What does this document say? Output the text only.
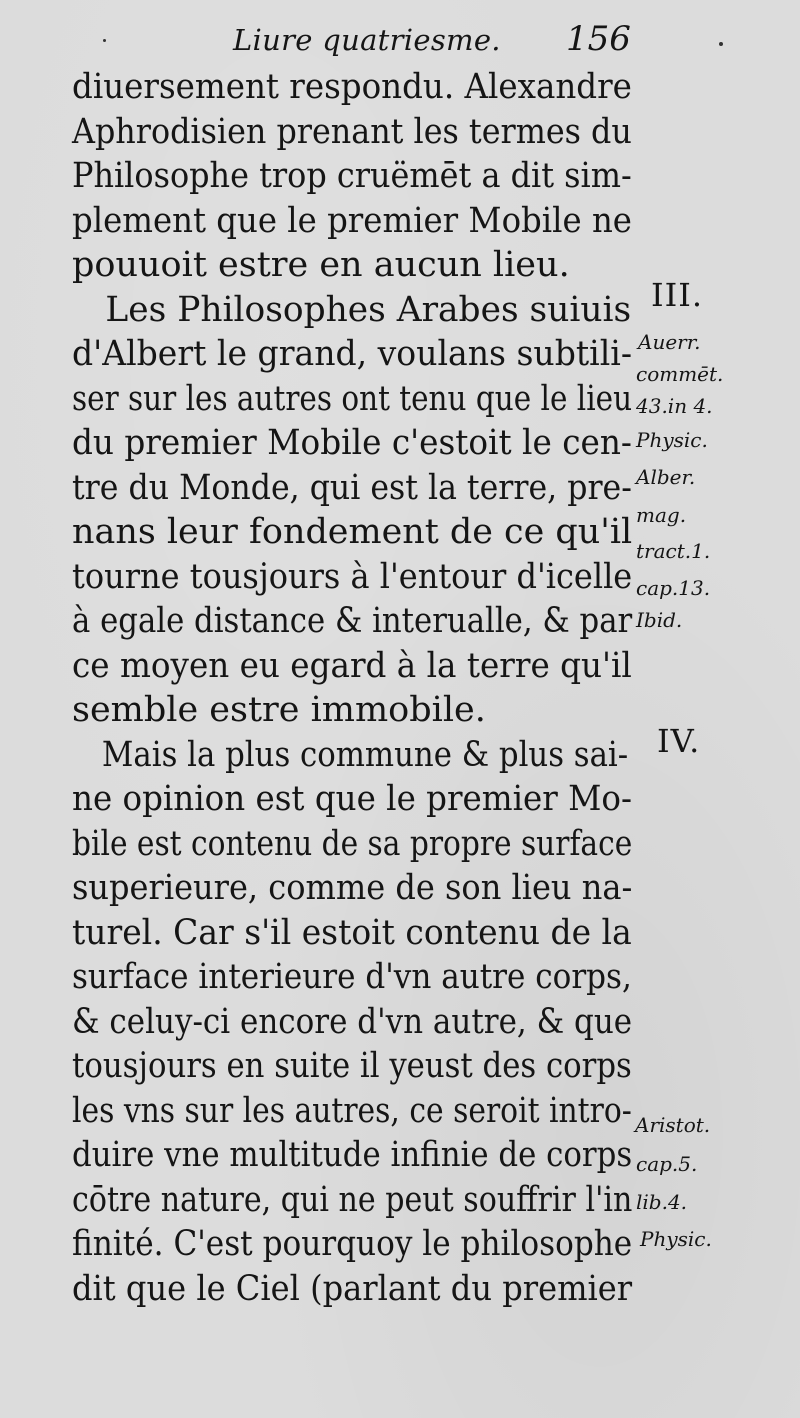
Liure quatriesme. 156
diuersement respondu. Alexandre
Aphrodisien prenant les termes du
Philosophe trop cruëmēt a dit sim-
plement que le premier Mobile ne
pouuoit estre en aucun lieu.
Les Philosophes Arabes suiuis
d'Albert le grand, voulans subtili-
ser sur les autres ont tenu que le lieu
du premier Mobile c'estoit le cen-
tre du Monde, qui est la terre, pre-
nans leur fondement de ce qu'il
tourne tousjours à l'entour d'icelle
à egale distance & interualle, & par
ce moyen eu egard à la terre qu'il
semble estre immobile.
Mais la plus commune & plus sai-
ne opinion est que le premier Mo-
bile est contenu de sa propre surface
superieure, comme de son lieu na-
turel. Car s'il estoit contenu de la
surface interieure d'vn autre corps,
& celuy-ci encore d'vn autre, & que
tousjours en suite il yeust des corps
les vns sur les autres, ce seroit intro-
duire vne multitude infinie de corps
cōtre nature, qui ne peut souffrir l'in
finité. C'est pourquoy le philosophe
dit que le Ciel (parlant du premier
III.
Auerr.
commēt.
43.in 4.
Physic.
Alber.
mag.
tract.1.
cap.13.
Ibid.
IV.
Aristot.
cap.5.
lib.4.
Physic.
